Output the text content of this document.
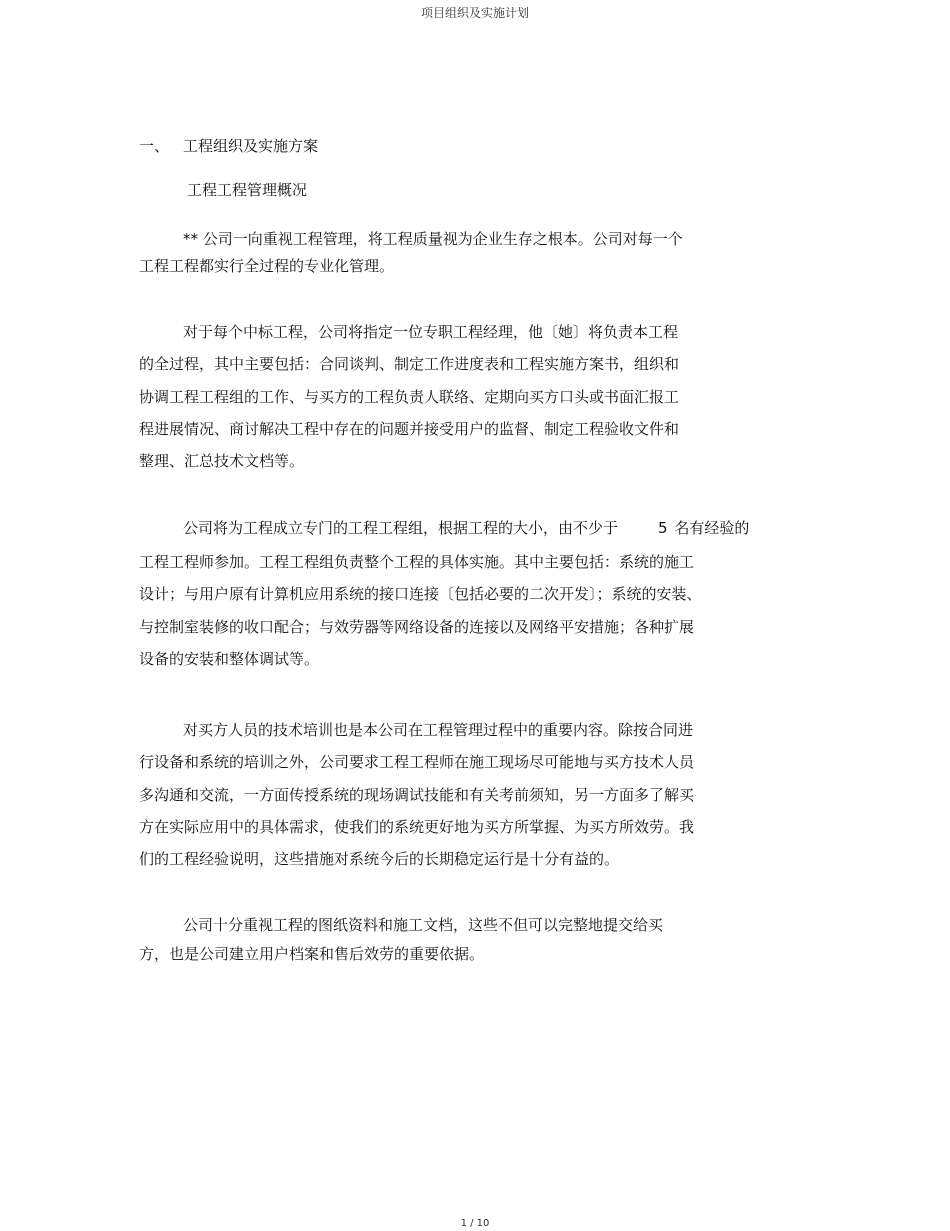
项目组织及实施计划
一、 工程组织及实施方案
工程工程管理概况
** 公司一向重视工程管理，将工程质量视为企业生存之根本。公司对每一个
工程工程都实行全过程的专业化管理。
对于每个中标工程，公司将指定一位专职工程经理，他〔她〕将负责本工程
的全过程，其中主要包括：合同谈判、制定工作进度表和工程实施方案书，组织和
协调工程工程组的工作、与买方的工程负责人联络、定期向买方口头或书面汇报工
程进展情况、商讨解决工程中存在的问题并接受用户的监督、制定工程验收文件和
整理、汇总技术文档等。
公司将为工程成立专门的工程工程组，根据工程的大小，由不少于	5 名有经验的
工程工程师参加。工程工程组负责整个工程的具体实施。其中主要包括：系统的施工
设计；与用户原有计算机应用系统的接口连接〔包括必要的二次开发〕；系统的安装、
与控制室装修的收口配合；与效劳器等网络设备的连接以及网络平安措施；各种扩展
设备的安装和整体调试等。
对买方人员的技术培训也是本公司在工程管理过程中的重要内容。除按合同进
行设备和系统的培训之外，公司要求工程工程师在施工现场尽可能地与买方技术人员
多沟通和交流，一方面传授系统的现场调试技能和有关考前须知，另一方面多了解买
方在实际应用中的具体需求，使我们的系统更好地为买方所掌握、为买方所效劳。我
们的工程经验说明，这些措施对系统今后的长期稳定运行是十分有益的。
公司十分重视工程的图纸资料和施工文档，这些不但可以完整地提交给买
方，也是公司建立用户档案和售后效劳的重要依据。
1 / 10
